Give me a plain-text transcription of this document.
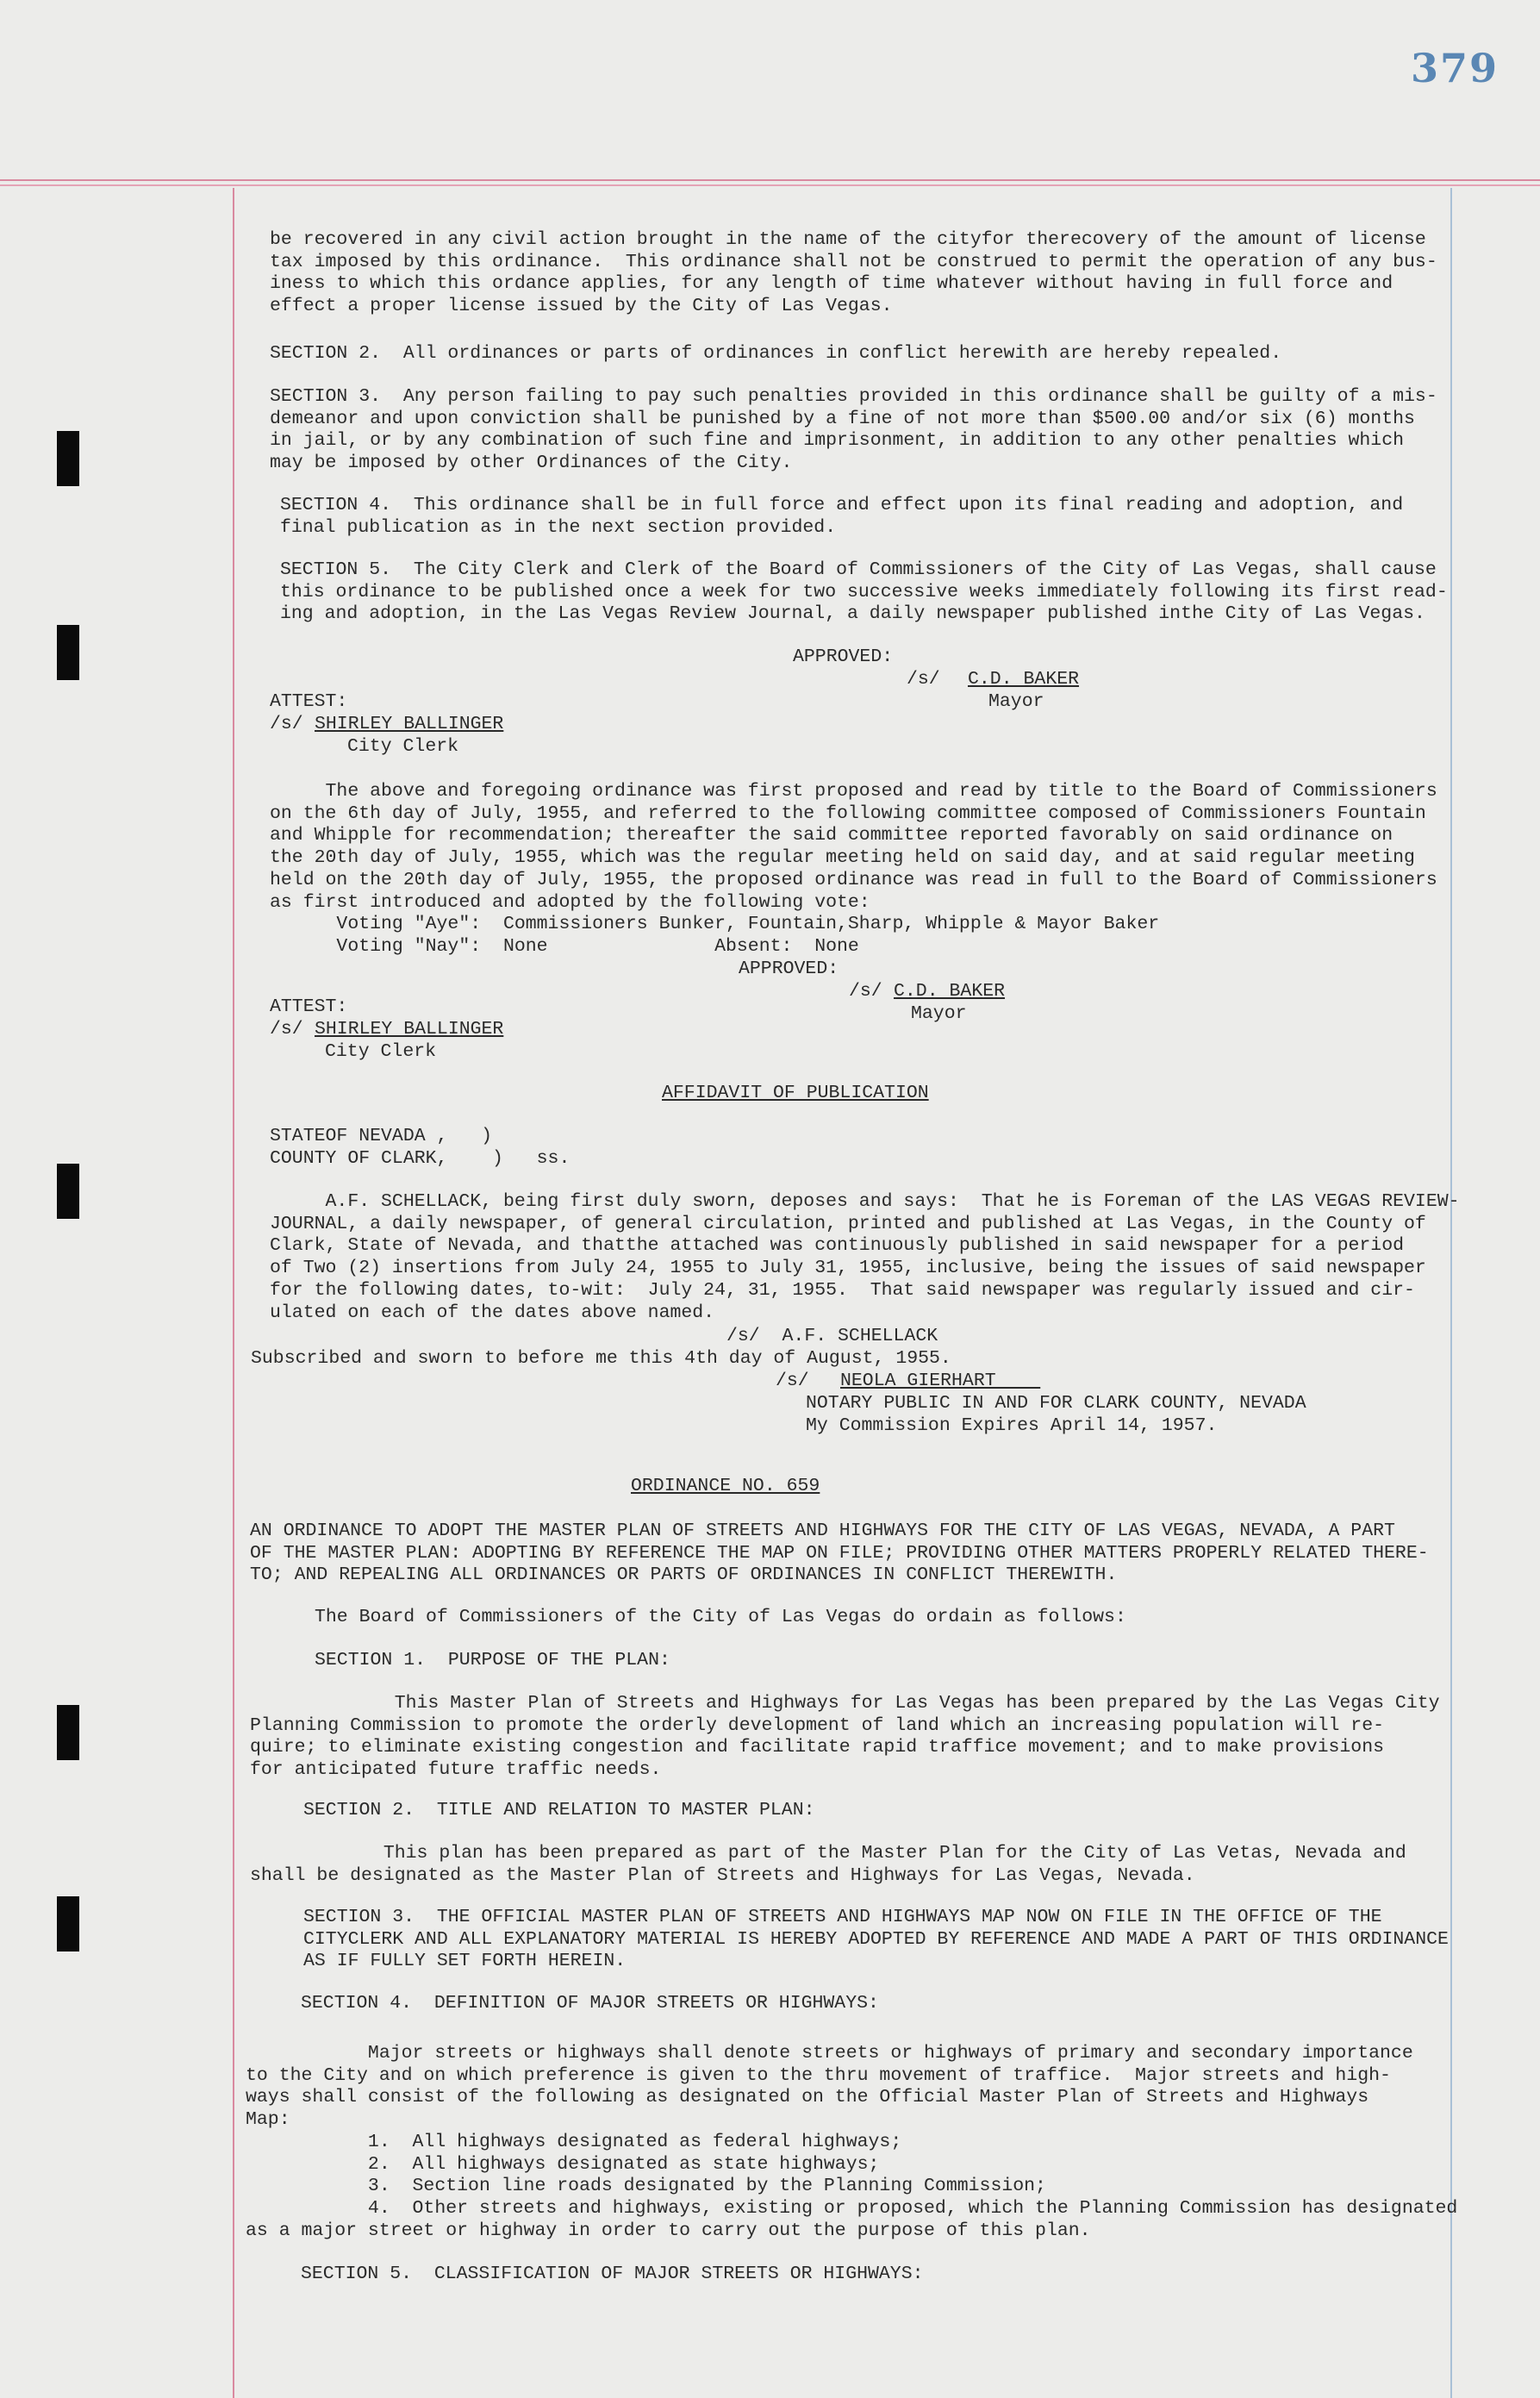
379
be recovered in any civil action brought in the name of the cityfor therecovery of the amount of license
tax imposed by this ordinance.  This ordinance shall not be construed to permit the operation of any bus-
iness to which this ordance applies, for any length of time whatever without having in full force and
effect a proper license issued by the City of Las Vegas.
SECTION 2.  All ordinances or parts of ordinances in conflict herewith are hereby repealed.
SECTION 3.  Any person failing to pay such penalties provided in this ordinance shall be guilty of a mis-
demeanor and upon conviction shall be punished by a fine of not more than $500.00 and/or six (6) months
in jail, or by any combination of such fine and imprisonment, in addition to any other penalties which
may be imposed by other Ordinances of the City.
SECTION 4.  This ordinance shall be in full force and effect upon its final reading and adoption, and
final publication as in the next section provided.
SECTION 5.  The City Clerk and Clerk of the Board of Commissioners of the City of Las Vegas, shall cause
this ordinance to be published once a week for two successive weeks immediately following its first read-
ing and adoption, in the Las Vegas Review Journal, a daily newspaper published inthe City of Las Vegas.
APPROVED:
/s/ C.D. BAKER
Mayor
ATTEST:
/s/ SHIRLEY BALLINGER
City Clerk
The above and foregoing ordinance was first proposed and read by title to the Board of Commissioners
on the 6th day of July, 1955, and referred to the following committee composed of Commissioners Fountain
and Whipple for recommendation; thereafter the said committee reported favorably on said ordinance on
the 20th day of July, 1955, which was the regular meeting held on said day, and at said regular meeting
held on the 20th day of July, 1955, the proposed ordinance was read in full to the Board of Commissioners
as first introduced and adopted by the following vote:
Voting "Aye":  Commissioners Bunker, Fountain,Sharp, Whipple & Mayor Baker
Voting "Nay":  None               Absent:  None
APPROVED:
/s/ C.D. BAKER
Mayor
ATTEST:
/s/ SHIRLEY BALLINGER
City Clerk
AFFIDAVIT OF PUBLICATION
STATEOF NEVADA ,   )
COUNTY OF CLARK,    )   ss.
A.F. SCHELLACK, being first duly sworn, deposes and says:  That he is Foreman of the LAS VEGAS REVIEW-
JOURNAL, a daily newspaper, of general circulation, printed and published at Las Vegas, in the County of
Clark, State of Nevada, and thatthe attached was continuously published in said newspaper for a period
of Two (2) insertions from July 24, 1955 to July 31, 1955, inclusive, being the issues of said newspaper
for the following dates, to-wit:  July 24, 31, 1955.  That said newspaper was regularly issued and cir-
ulated on each of the dates above named.
/s/  A.F. SCHELLACK
Subscribed and sworn to before me this 4th day of August, 1955.
/s/ NEOLA GIERHART
NOTARY PUBLIC IN AND FOR CLARK COUNTY, NEVADA
My Commission Expires April 14, 1957.
ORDINANCE NO. 659
AN ORDINANCE TO ADOPT THE MASTER PLAN OF STREETS AND HIGHWAYS FOR THE CITY OF LAS VEGAS, NEVADA, A PART
OF THE MASTER PLAN: ADOPTING BY REFERENCE THE MAP ON FILE; PROVIDING OTHER MATTERS PROPERLY RELATED THERE-
TO; AND REPEALING ALL ORDINANCES OR PARTS OF ORDINANCES IN CONFLICT THEREWITH.
The Board of Commissioners of the City of Las Vegas do ordain as follows:
SECTION 1.  PURPOSE OF THE PLAN:
This Master Plan of Streets and Highways for Las Vegas has been prepared by the Las Vegas City
Planning Commission to promote the orderly development of land which an increasing population will re-
quire; to eliminate existing congestion and facilitate rapid traffice movement; and to make provisions
for anticipated future traffic needs.
SECTION 2.  TITLE AND RELATION TO MASTER PLAN:
This plan has been prepared as part of the Master Plan for the City of Las Vetas, Nevada and
shall be designated as the Master Plan of Streets and Highways for Las Vegas, Nevada.
SECTION 3.  THE OFFICIAL MASTER PLAN OF STREETS AND HIGHWAYS MAP NOW ON FILE IN THE OFFICE OF THE
CITYCLERK AND ALL EXPLANATORY MATERIAL IS HEREBY ADOPTED BY REFERENCE AND MADE A PART OF THIS ORDINANCE
AS IF FULLY SET FORTH HEREIN.
SECTION 4.  DEFINITION OF MAJOR STREETS OR HIGHWAYS:
Major streets or highways shall denote streets or highways of primary and secondary importance
to the City and on which preference is given to the thru movement of traffice.  Major streets and high-
ways shall consist of the following as designated on the Official Master Plan of Streets and Highways
Map:
1.  All highways designated as federal highways;
2.  All highways designated as state highways;
3.  Section line roads designated by the Planning Commission;
4.  Other streets and highways, existing or proposed, which the Planning Commission has designated
as a major street or highway in order to carry out the purpose of this plan.
SECTION 5.  CLASSIFICATION OF MAJOR STREETS OR HIGHWAYS:
